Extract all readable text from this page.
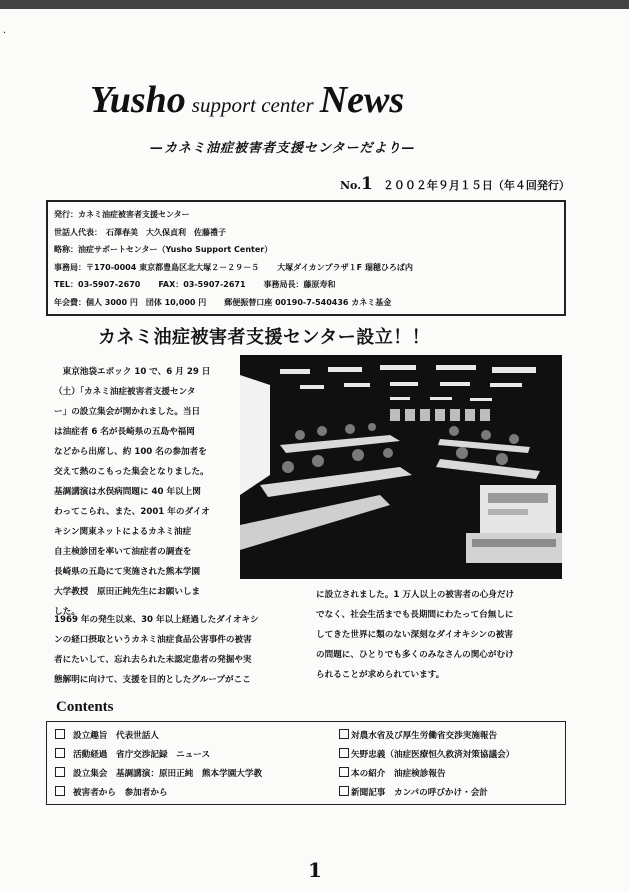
·
Yusho support center News
—カネミ油症被害者支援センターだより—
No.1 ２００２年９月１５日（年４回発行）
発行：カネミ油症被害者支援センター
世話人代表：　石澤春美　大久保貞利　佐藤禮子
略称：油症サポートセンター（Yusho Support Center）
事務局：〒170-0004 東京都豊島区北大塚２－２９－５ 大塚ダイカンプラザ１F 瑞穂ひろば内
TEL：03-5907-2670 FAX：03-5907-2671 事務局長：藤原寿和
年会費：個人 3000 円　団体 10,000 円 郵便振替口座 00190-7-540436 カネミ基金
カネミ油症被害者支援センター設立！！
東京池袋エポック 10 で、6 月 29 日
（土）「カネミ油症被害者支援センタ
ー」の設立集会が開かれました。当日
は油症者 6 名が長崎県の五島や福岡
などから出席し、約 100 名の参加者を
交えて熱のこもった集会となりました。
基調講演は水俣病問題に 40 年以上関
わってこられ、また、2001 年のダイオ
キシン関東ネットによるカネミ油症
自主検診団を率いて油症者の調査を
長崎県の五島にて実施された熊本学園
大学教授　原田正純先生にお願いしま
した。
1969 年の発生以来、30 年以上経過したダイオキシ
ンの経口摂取というカネミ油症食品公害事件の被害
者にたいして、忘れ去られた未認定患者の発掘や実
態解明に向けて、支援を目的としたグループがここ
に設立されました。1 万人以上の被害者の心身だけ
でなく、社会生活までも長期間にわたって台無しに
してきた世界に類のない深刻なダイオキシンの被害
の問題に、ひとりでも多くのみなさんの関心がむけ
られることが求められています。
Contents
設立趣旨　代表世話人
活動経過　省庁交渉記録　ニュース
設立集会　基調講演：原田正純　熊本学園大学教
被害者から　参加者から
対農水省及び厚生労働省交渉実施報告
矢野忠義（油症医療恒久救済対策協議会）
本の紹介　油症検診報告
新聞記事　カンパの呼びかけ・会計
1
